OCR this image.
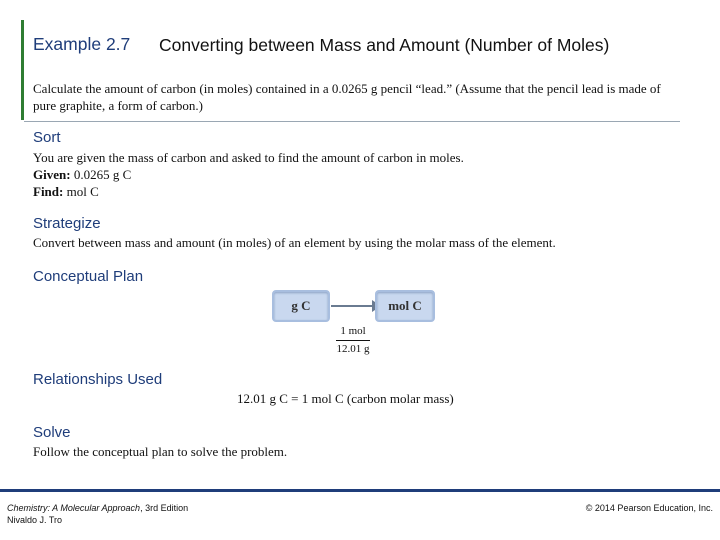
Example 2.7	Converting between Mass and Amount (Number of Moles)
Calculate the amount of carbon (in moles) contained in a 0.0265 g pencil “lead.” (Assume that the pencil lead is made of pure graphite, a form of carbon.)
Sort
You are given the mass of carbon and asked to find the amount of carbon in moles.
Given: 0.0265 g C
Find: mol C
Strategize
Convert between mass and amount (in moles) of an element by using the molar mass of the element.
Conceptual Plan
g C	mol C
1 mol
12.01 g
Relationships Used
12.01 g C = 1 mol C (carbon molar mass)
Solve
Follow the conceptual plan to solve the problem.
Chemistry: A Molecular Approach, 3rd Edition
Nivaldo J. Tro
© 2014 Pearson Education, Inc.
